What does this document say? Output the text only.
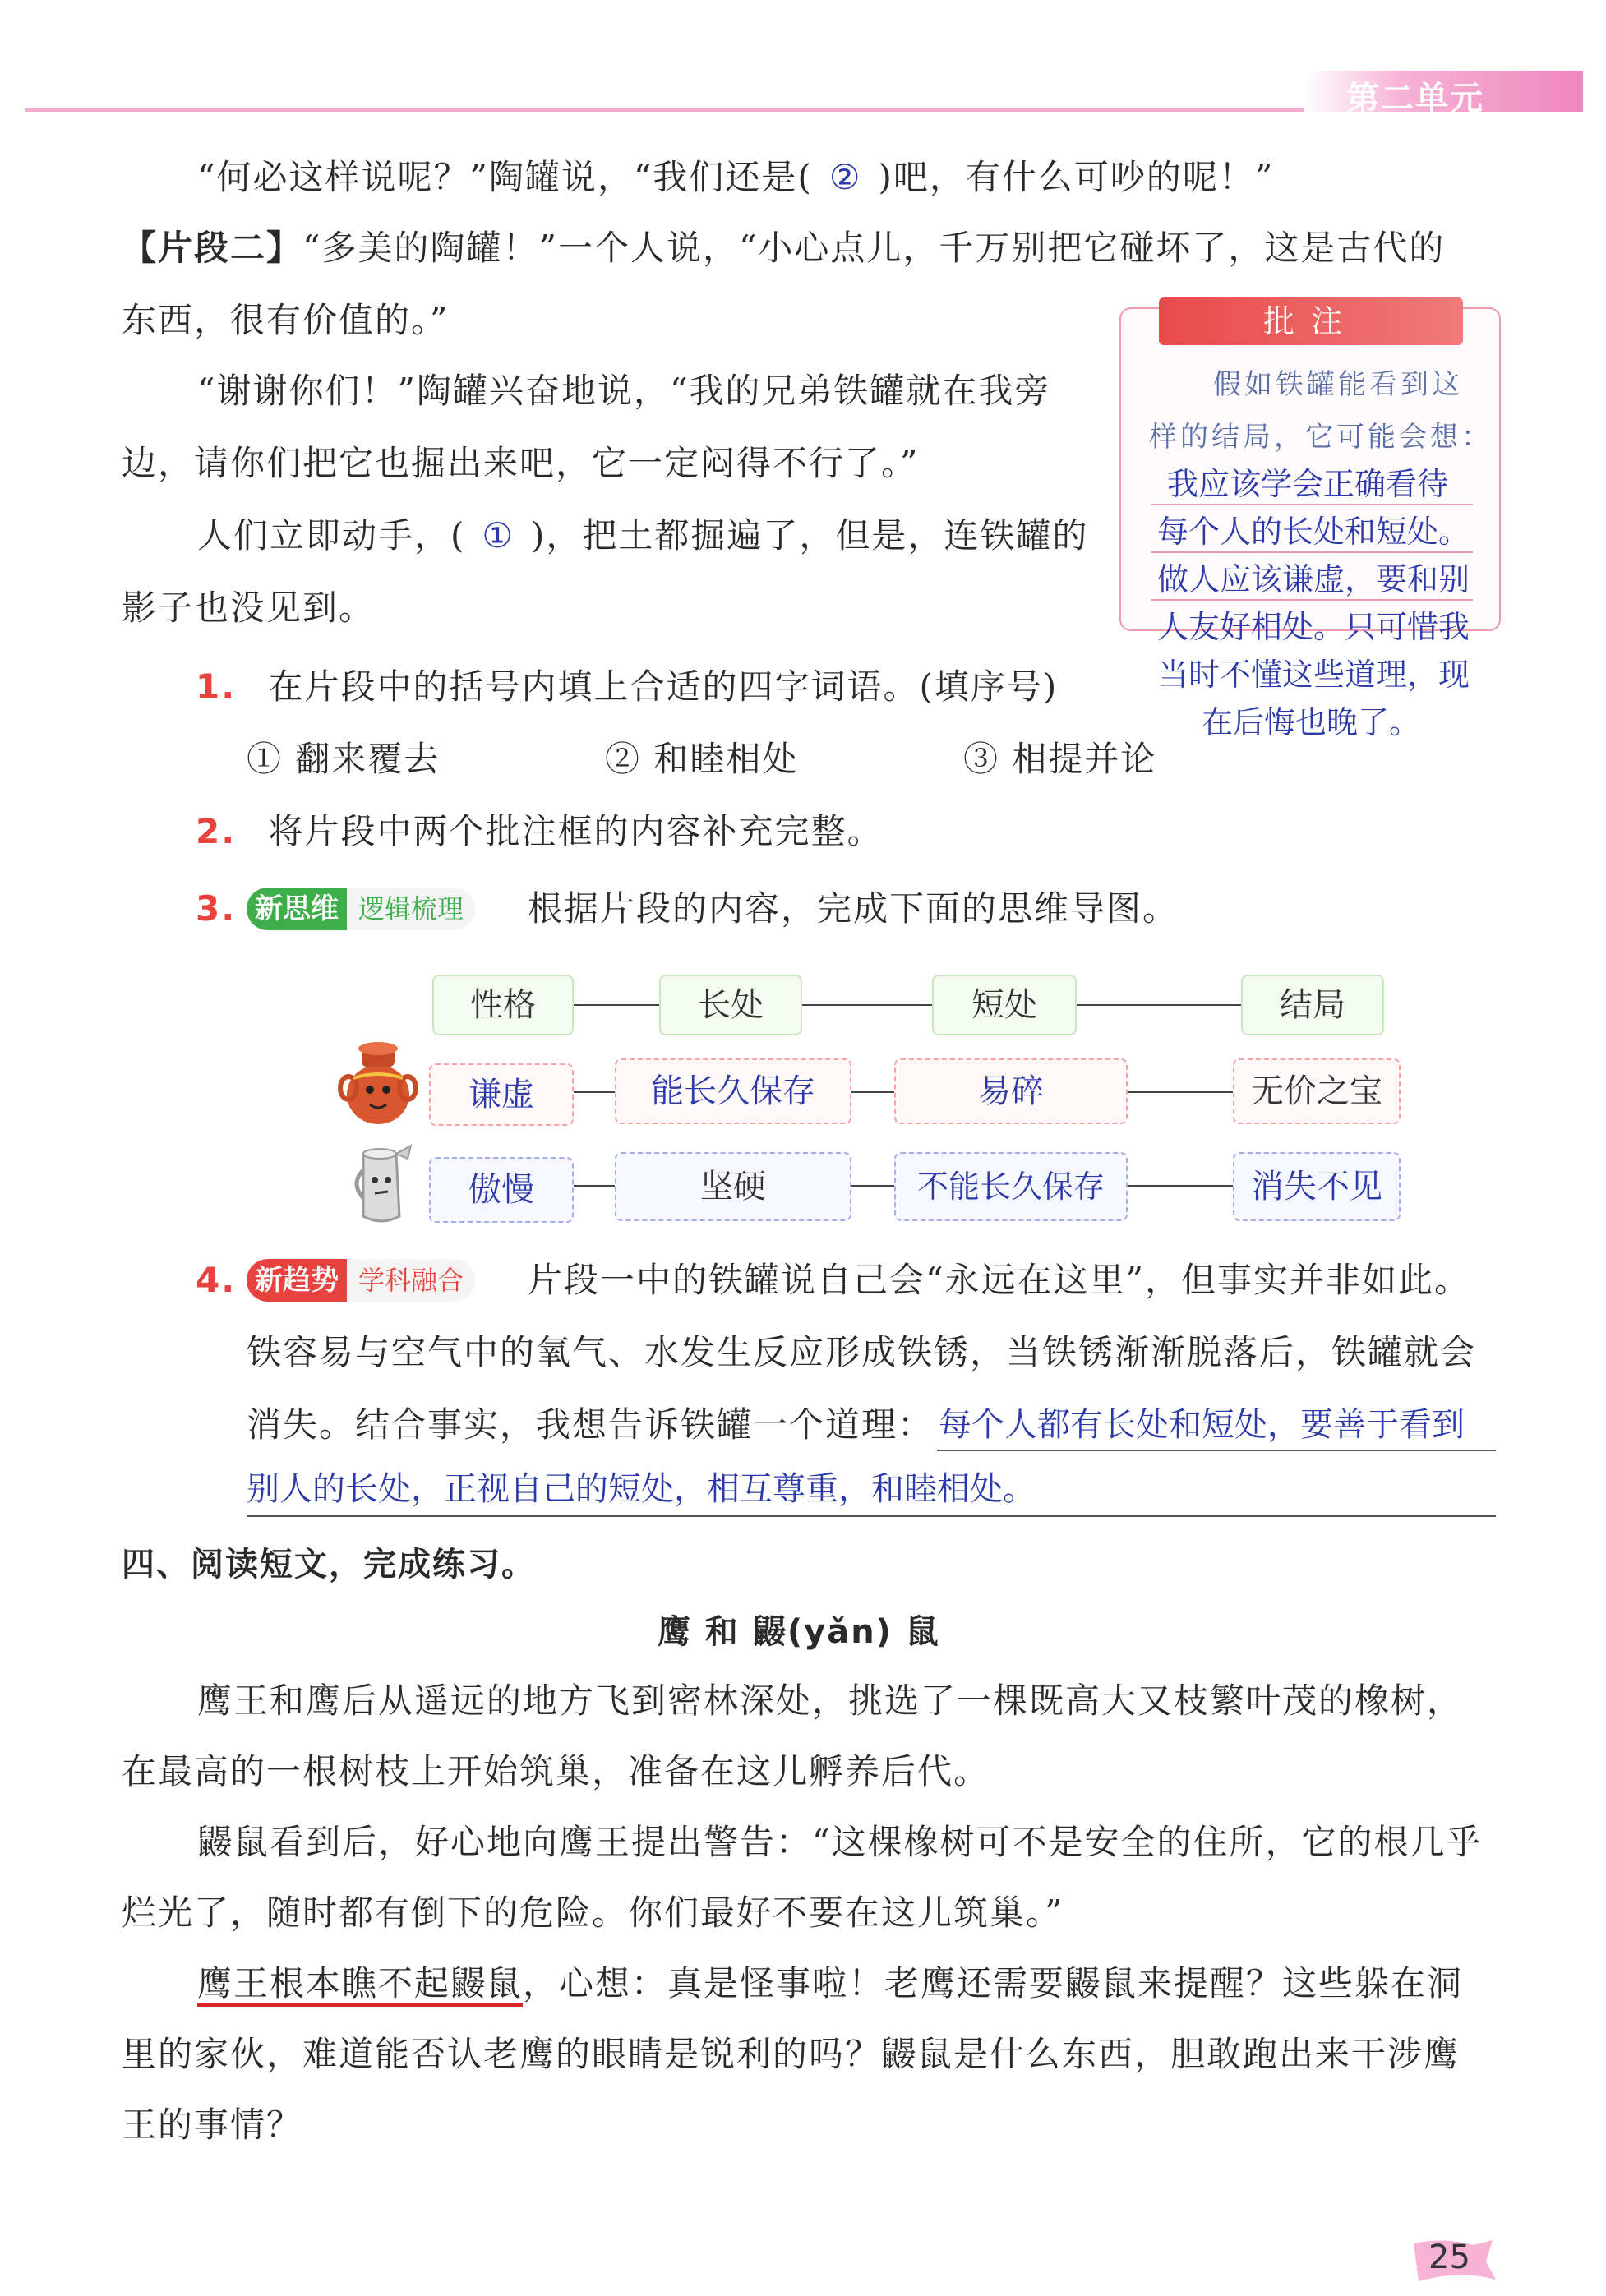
第二单元
“何必这样说呢？”陶罐说，“我们还是( ② )吧，有什么可吵的呢！”
【片段二】“多美的陶罐！”一个人说，“小心点儿，千万别把它碰坏了，这是古代的
东西，很有价值的。”
“谢谢你们！”陶罐兴奋地说，“我的兄弟铁罐就在我旁
边，请你们把它也掘出来吧，它一定闷得不行了。”
人们立即动手，( ① )，把土都掘遍了，但是，连铁罐的
影子也没见到。
批注
假如铁罐能看到这
样的结局，它可能会想：
我应该学会正确看待
每个人的长处和短处。
做人应该谦虚，要和别
人友好相处。只可惜我
当时不懂这些道理，现
在后悔也晚了。
1. 在片段中的括号内填上合适的四字词语。(填序号)
① 翻来覆去	② 和睦相处	③ 相提并论
2. 将片段中两个批注框的内容补充完整。
3. 新思维 逻辑梳理	根据片段的内容，完成下面的思维导图。
性格	长处	短处	结局
谦虚	能长久保存	易碎	无价之宝
傲慢	坚硬	不能长久保存	消失不见
4. 新趋势 学科融合	片段一中的铁罐说自己会“永远在这里”，但事实并非如此。
铁容易与空气中的氧气、水发生反应形成铁锈，当铁锈渐渐脱落后，铁罐就会
消失。结合事实，我想告诉铁罐一个道理： 每个人都有长处和短处，要善于看到
别人的长处，正视自己的短处，相互尊重，和睦相处。
四、阅读短文，完成练习。
鹰 和 鼹(yǎn) 鼠
鹰王和鹰后从遥远的地方飞到密林深处，挑选了一棵既高大又枝繁叶茂的橡树，
在最高的一根树枝上开始筑巢，准备在这儿孵养后代。
鼹鼠看到后，好心地向鹰王提出警告：“这棵橡树可不是安全的住所，它的根几乎
烂光了，随时都有倒下的危险。你们最好不要在这儿筑巢。”
鹰王根本瞧不起鼹鼠，心想：真是怪事啦！老鹰还需要鼹鼠来提醒？这些躲在洞
里的家伙，难道能否认老鹰的眼睛是锐利的吗？鼹鼠是什么东西，胆敢跑出来干涉鹰
王的事情？
25
